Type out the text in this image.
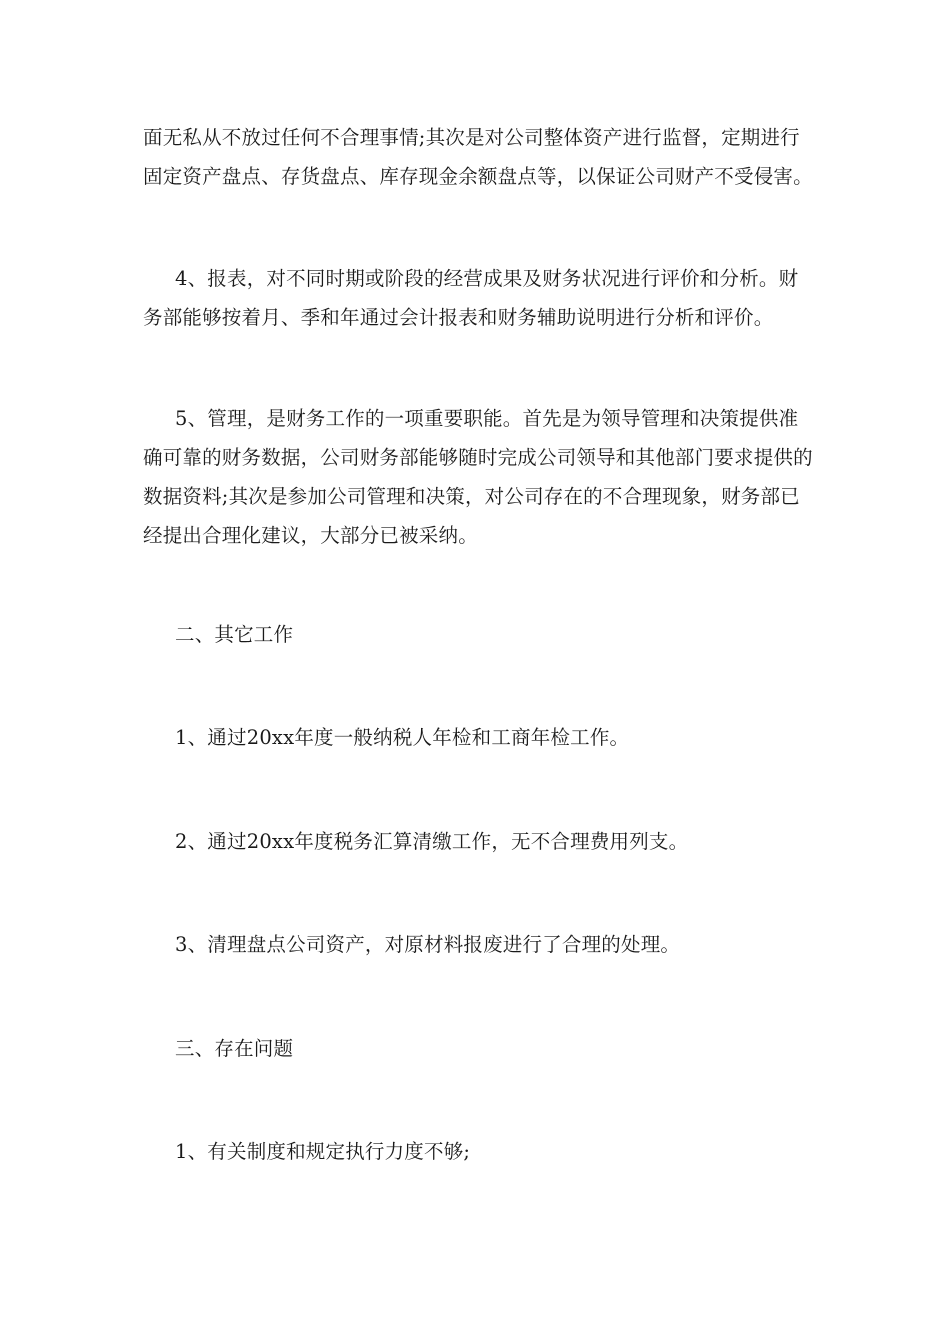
面无私从不放过任何不合理事情;其次是对公司整体资产进行监督，定期进行固定资产盘点、存货盘点、库存现金余额盘点等，以保证公司财产不受侵害。

4、报表，对不同时期或阶段的经营成果及财务状况进行评价和分析。财务部能够按着月、季和年通过会计报表和财务辅助说明进行分析和评价。

5、管理，是财务工作的一项重要职能。首先是为领导管理和决策提供准确可靠的财务数据，公司财务部能够随时完成公司领导和其他部门要求提供的数据资料;其次是参加公司管理和决策，对公司存在的不合理现象，财务部已经提出合理化建议，大部分已被采纳。

二、其它工作

1、通过20xx年度一般纳税人年检和工商年检工作。

2、通过20xx年度税务汇算清缴工作，无不合理费用列支。

3、清理盘点公司资产，对原材料报废进行了合理的处理。

三、存在问题

1、有关制度和规定执行力度不够;
